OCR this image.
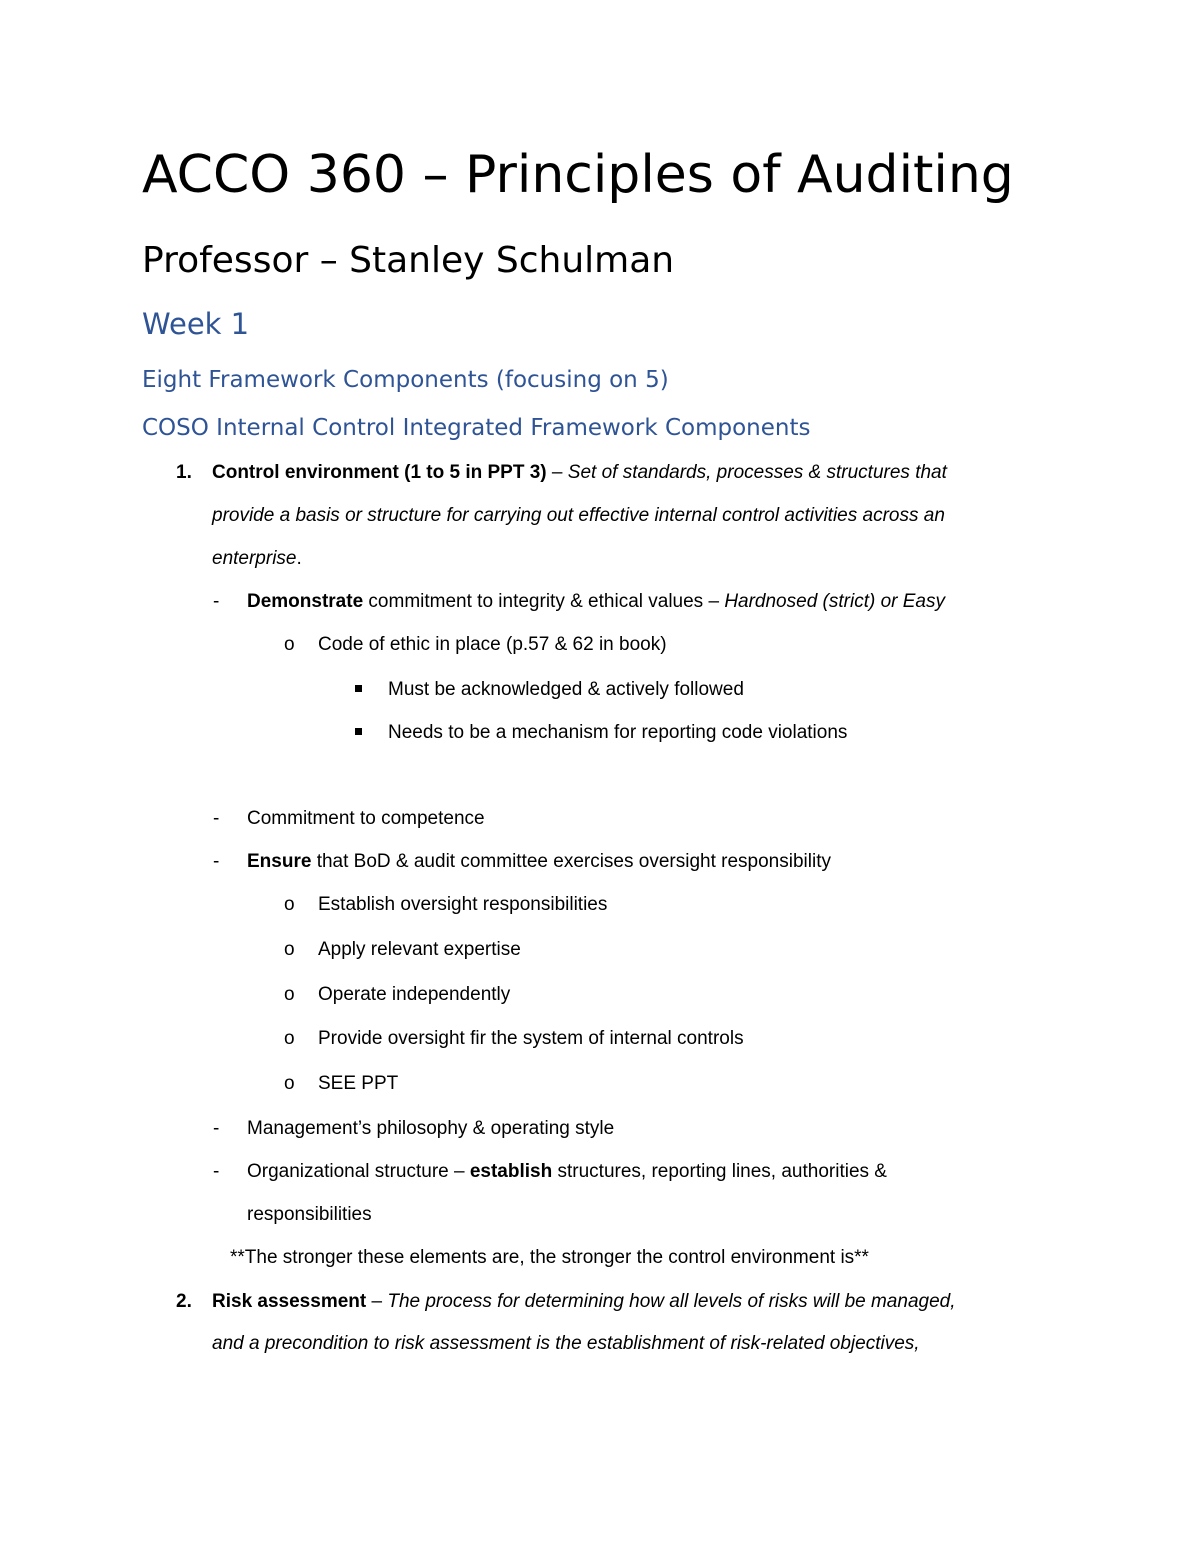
ACCO 360 – Principles of Auditing
Professor – Stanley Schulman
Week 1
Eight Framework Components (focusing on 5)
COSO Internal Control Integrated Framework Components
1. Control environment (1 to 5 in PPT 3) – Set of standards, processes & structures that
provide a basis or structure for carrying out effective internal control activities across an
enterprise.
- Demonstrate commitment to integrity & ethical values – Hardnosed (strict) or Easy
o Code of ethic in place (p.57 & 62 in book)
Must be acknowledged & actively followed
Needs to be a mechanism for reporting code violations
- Commitment to competence
- Ensure that BoD & audit committee exercises oversight responsibility
o Establish oversight responsibilities
o Apply relevant expertise
o Operate independently
o Provide oversight fir the system of internal controls
o SEE PPT
- Management’s philosophy & operating style
- Organizational structure – establish structures, reporting lines, authorities &
responsibilities
**The stronger these elements are, the stronger the control environment is**
2. Risk assessment – The process for determining how all levels of risks will be managed,
and a precondition to risk assessment is the establishment of risk-related objectives,
